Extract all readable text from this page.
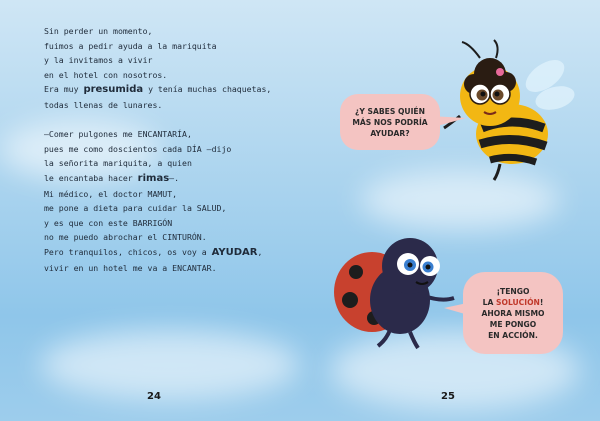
Sin perder un momento,
fuimos a pedir ayuda a la mariquita
y la invitamos a vivir
en el hotel con nosotros.
Era muy presumida y tenía muchas chaquetas,
todas llenas de lunares.
—Comer pulgones me ENCANTARÍA,
pues me como doscientos cada DÍA —dijo
la señorita mariquita, a quien
le encantaba hacer rimas—.
Mi médico, el doctor MAMUT,
me pone a dieta para cuidar la SALUD,
y es que con este BARRIGÓN
no me puedo abrochar el CINTURÓN.
Pero tranquilos, chicos, os voy a AYUDAR,
vivir en un hotel me va a ENCANTAR.
¿Y SABES QUIÉN
MÁS NOS PODRÍA
AYUDAR?
¡TENGO
LA SOLUCIÓN!
AHORA MISMO
ME PONGO
EN ACCIÓN.
24	25
